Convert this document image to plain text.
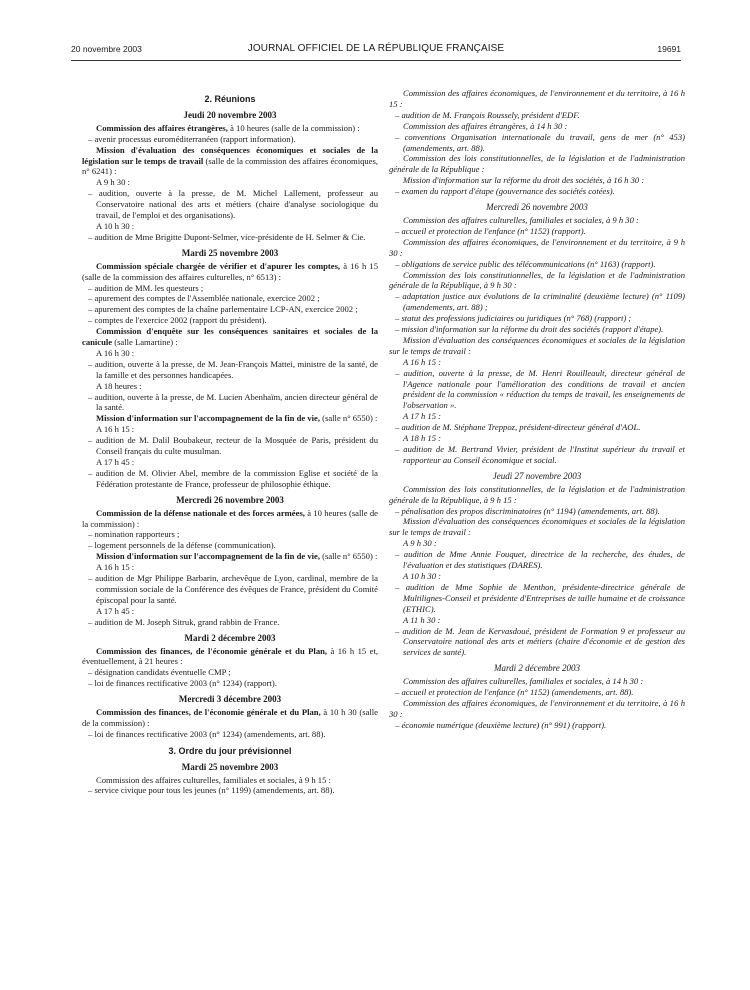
20 novembre 2003	JOURNAL OFFICIEL DE LA RÉPUBLIQUE FRANÇAISE	19691
2. Réunions
Jeudi 20 novembre 2003

Commission des affaires étrangères, à 10 heures (salle de la commission) :

– avenir processus euroméditerranéen (rapport information).

Mission d'évaluation des conséquences économiques et sociales de la législation sur le temps de travail (salle de la commission des affaires économiques, n° 6241) :

A 9 h 30 :

– audition, ouverte à la presse, de M. Michel Lallement, professeur au Conservatoire national des arts et métiers (chaire d'analyse sociologique du travail, de l'emploi et des organisations).

A 10 h 30 :

– audition de Mme Brigitte Dupont-Selmer, vice-présidente de H. Selmer & Cie.

Mardi 25 novembre 2003

Commission spéciale chargée de vérifier et d'apurer les comptes, à 16 h 15 (salle de la commission des affaires culturelles, n° 6513) :

– audition de MM. les questeurs ;

– apurement des comptes de l'Assemblée nationale, exercice 2002 ;

– apurement des comptes de la chaîne parlementaire LCP-AN, exercice 2002 ;

– comptes de l'exercice 2002 (rapport du président).

Commission d'enquête sur les conséquences sanitaires et sociales de la canicule (salle Lamartine) :

A 16 h 30 :

– audition, ouverte à la presse, de M. Jean-François Mattei, ministre de la santé, de la famille et des personnes handicapées.

A 18 heures :

– audition, ouverte à la presse, de M. Lucien Abenhaïm, ancien directeur général de la santé.

Mission d'information sur l'accompagnement de la fin de vie, (salle n° 6550) :

A 16 h 15 :

– audition de M. Dalil Boubakeur, recteur de la Mosquée de Paris, président du Conseil français du culte musulman.

A 17 h 45 :

– audition de M. Olivier Abel, membre de la commission Eglise et société de la Fédération protestante de France, professeur de philosophie éthique.

Mercredi 26 novembre 2003

Commission de la défense nationale et des forces armées, à 10 heures (salle de la commission) :

– nomination rapporteurs ;

– logement personnels de la défense (communication).

Mission d'information sur l'accompagnement de la fin de vie, (salle n° 6550) :

A 16 h 15 :

– audition de Mgr Philippe Barbarin, archevêque de Lyon, cardinal, membre de la commission sociale de la Conférence des évêques de France, président du Comité épiscopal pour la santé.

A 17 h 45 :

– audition de M. Joseph Sitruk, grand rabbin de France.

Mardi 2 décembre 2003

Commission des finances, de l'économie générale et du Plan, à 16 h 15 et, éventuellement, à 21 heures :

– désignation candidats éventuelle CMP ;

– loi de finances rectificative 2003 (n° 1234) (rapport).

Mercredi 3 décembre 2003

Commission des finances, de l'économie générale et du Plan, à 10 h 30 (salle de la commission) :

– loi de finances rectificative 2003 (n° 1234) (amendements, art. 88).

3. Ordre du jour prévisionnel
Mardi 25 novembre 2003

Commission des affaires culturelles, familiales et sociales, à 9 h 15 :

– service civique pour tous les jeunes (n° 1199) (amendements, art. 88).

Commission des affaires économiques, de l'environnement et du territoire, à 16 h 15 :

– audition de M. François Roussely, président d'EDF.

Commission des affaires étrangères, à 14 h 30 :

– conventions Organisation internationale du travail, gens de mer (n° 453) (amendements, art. 88).

Commission des lois constitutionnelles, de la législation et de l'administration générale de la République :

Mission d'information sur la réforme du droit des sociétés, à 16 h 30 :

– examen du rapport d'étape (gouvernance des sociétés cotées).

Mercredi 26 novembre 2003

Commission des affaires culturelles, familiales et sociales, à 9 h 30 :

– accueil et protection de l'enfance (n° 1152) (rapport).

Commission des affaires économiques, de l'environnement et du territoire, à 9 h 30 :

– obligations de service public des télécommunications (n° 1163) (rapport).

Commission des lois constitutionnelles, de la législation et de l'administration générale de la République, à 9 h 30 :

– adaptation justice aux évolutions de la criminalité (deuxième lecture) (n° 1109) (amendements, art. 88) ;

– statut des professions judiciaires ou juridiques (n° 768) (rapport) ;

– mission d'information sur la réforme du droit des sociétés (rapport d'étape).

Mission d'évaluation des conséquences économiques et sociales de la législation sur le temps de travail :

A 16 h 15 :

– audition, ouverte à la presse, de M. Henri Rouilleault, directeur général de l'Agence nationale pour l'amélioration des conditions de travail et ancien président de la commission « réduction du temps de travail, les enseignements de l'observation ».

A 17 h 15 :

– audition de M. Stéphane Treppoz, président-directeur général d'AOL.

A 18 h 15 :

– audition de M. Bertrand Vivier, président de l'Institut supérieur du travail et rapporteur au Conseil économique et social.

Jeudi 27 novembre 2003

Commission des lois constitutionnelles, de la législation et de l'administration générale de la République, à 9 h 15 :

– pénalisation des propos discriminatoires (n° 1194) (amendements, art. 88).

Mission d'évaluation des conséquences économiques et sociales de la législation sur le temps de travail :

A 9 h 30 :

– audition de Mme Annie Fouquet, directrice de la recherche, des études, de l'évaluation et des statistiques (DARES).

A 10 h 30 :

– audition de Mme Sophie de Menthon, présidente-directrice générale de Multilignes-Conseil et présidente d'Entreprises de taille humaine et de croissance (ETHIC).

A 11 h 30 :

– audition de M. Jean de Kervasdoué, président de Formation 9 et professeur au Conservatoire national des arts et métiers (chaire d'économie et de gestion des services de santé).

Mardi 2 décembre 2003

Commission des affaires culturelles, familiales et sociales, à 14 h 30 :

– accueil et protection de l'enfance (n° 1152) (amendements, art. 88).

Commission des affaires économiques, de l'environnement et du territoire, à 16 h 30 :

– économie numérique (deuxième lecture) (n° 991) (rapport).
